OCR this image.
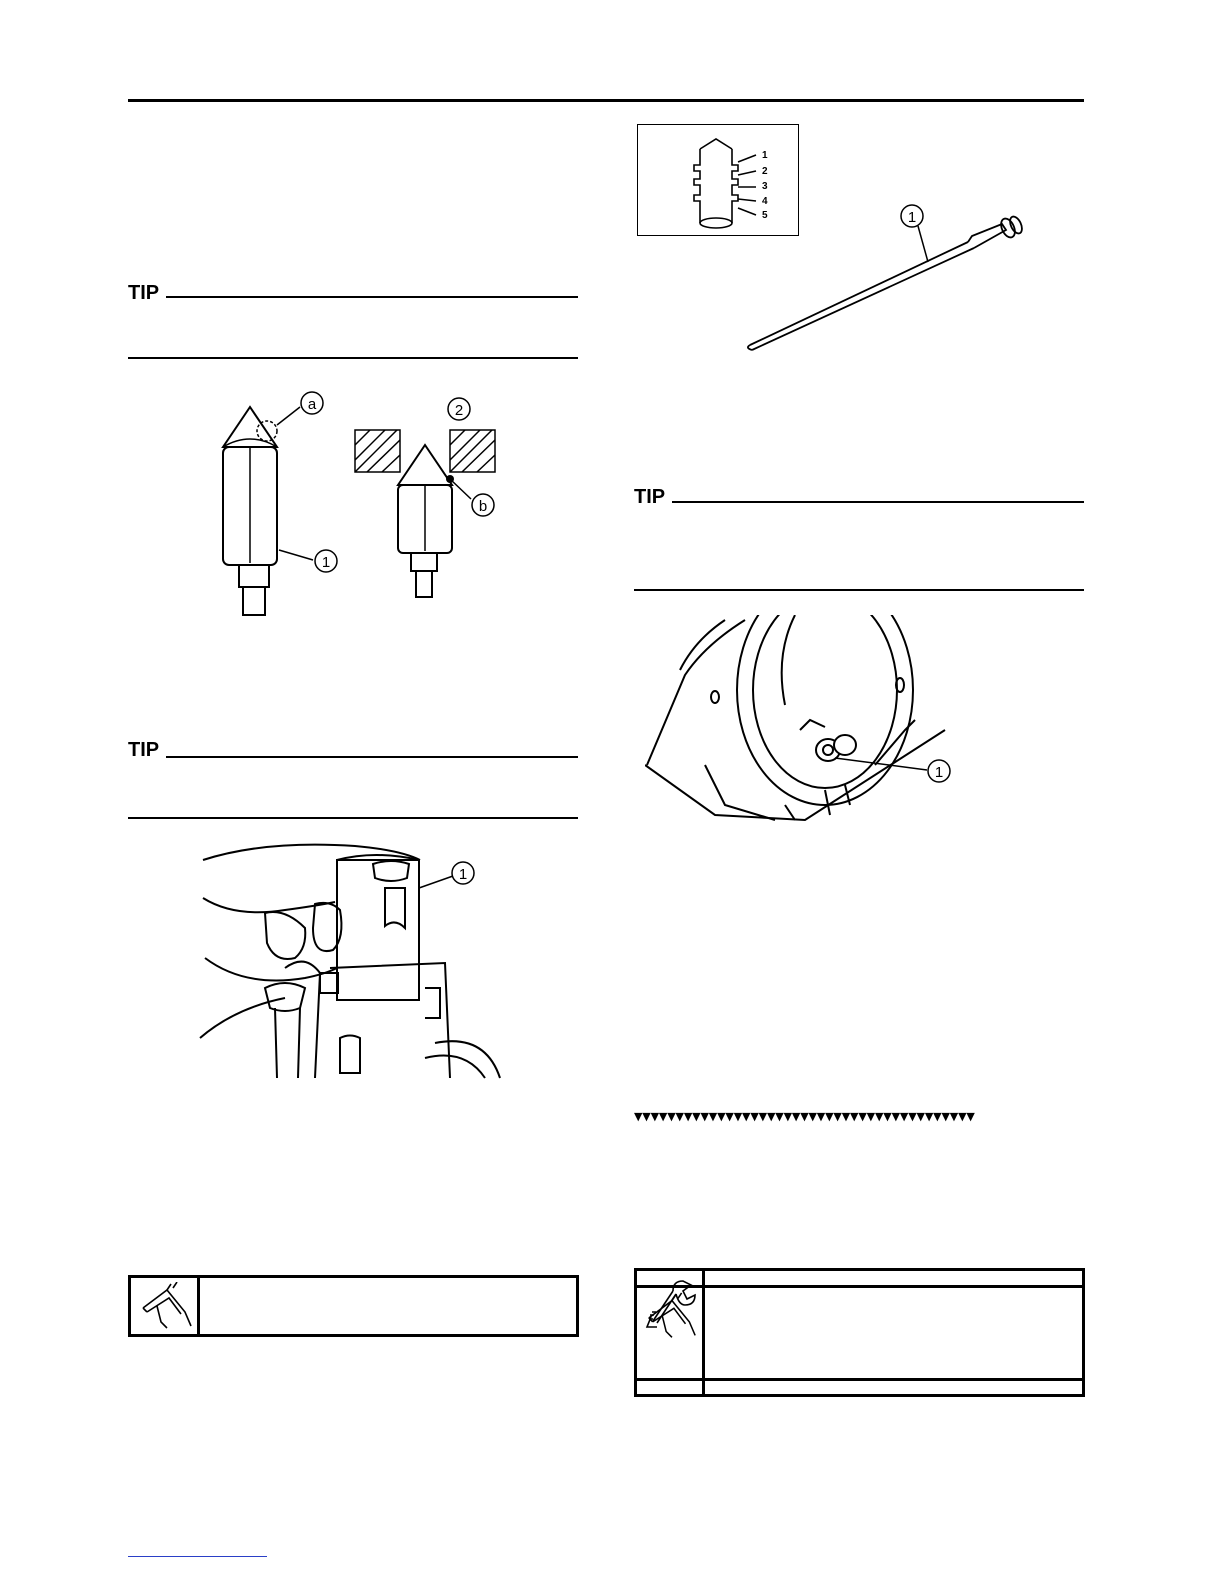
TIP
a
1
b
2
TIP
1
1
2
3
4
5	1
TIP
1
▼▼▼▼▼▼▼▼▼▼▼▼▼▼▼▼▼▼▼▼▼▼▼▼▼▼▼▼▼▼▼▼▼▼▼▼▼▼▼▼▼
